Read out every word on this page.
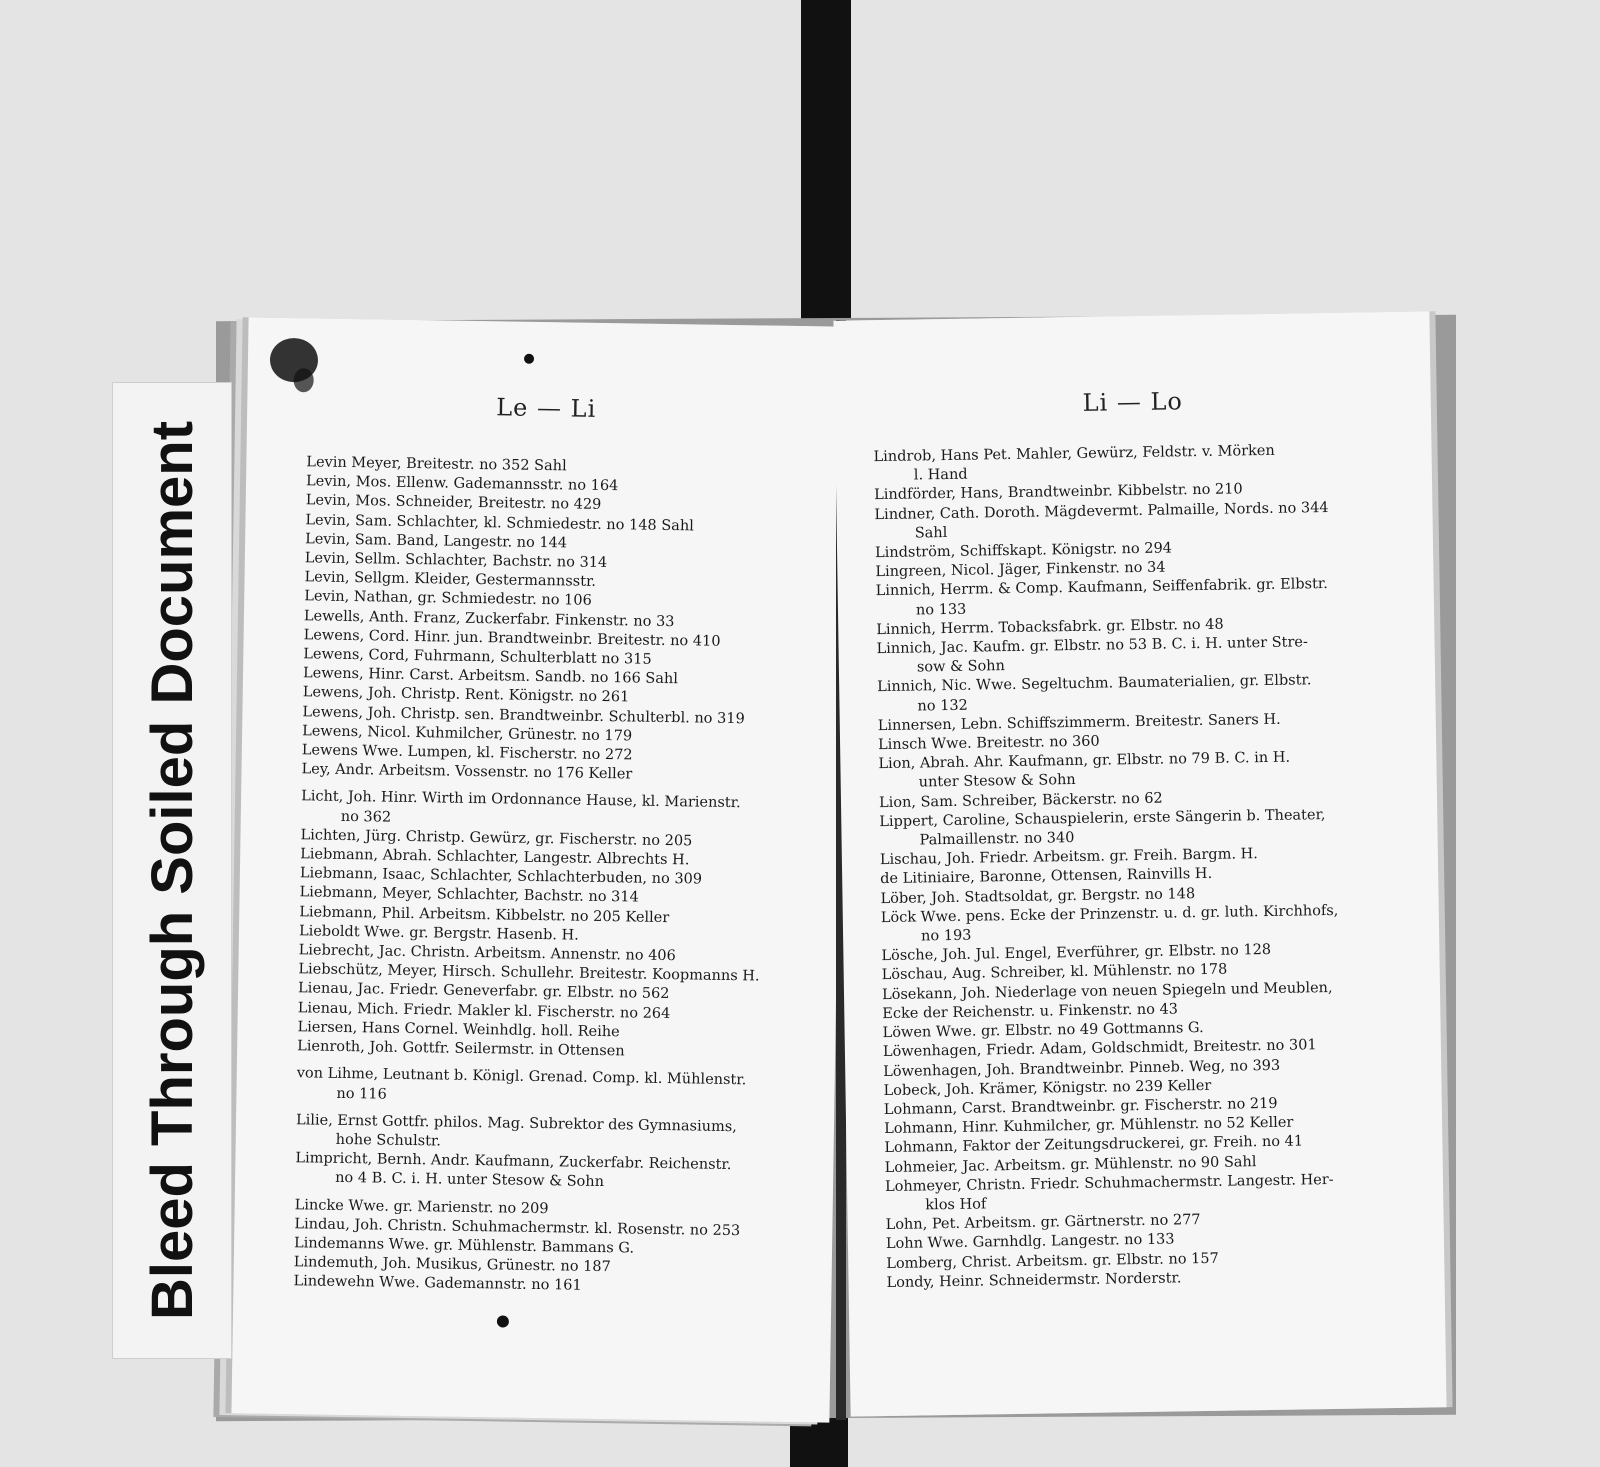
Le — Li
Levin Meyer, Breitestr. no 352 Sahl
Levin, Mos. Ellenw. Gademannsstr. no 164
Levin, Mos. Schneider, Breitestr. no 429
Levin, Sam. Schlachter, kl. Schmiedestr. no 148 Sahl
Levin, Sam. Band, Langestr. no 144
Levin, Sellm. Schlachter, Bachstr. no 314
Levin, Sellgm. Kleider, Gestermannsstr.
Levin, Nathan, gr. Schmiedestr. no 106
Lewells, Anth. Franz, Zuckerfabr. Finkenstr. no 33
Lewens, Cord. Hinr. jun. Brandtweinbr. Breitestr. no 410
Lewens, Cord, Fuhrmann, Schulterblatt no 315
Lewens, Hinr. Carst. Arbeitsm. Sandb. no 166 Sahl
Lewens, Joh. Christp. Rent. Königstr. no 261
Lewens, Joh. Christp. sen. Brandtweinbr. Schulterbl. no 319
Lewens, Nicol. Kuhmilcher, Grünestr. no 179
Lewens Wwe. Lumpen, kl. Fischerstr. no 272
Ley, Andr. Arbeitsm. Vossenstr. no 176 Keller
Licht, Joh. Hinr. Wirth im Ordonnance Hause, kl. Marienstr.
no 362
Lichten, Jürg. Christp. Gewürz, gr. Fischerstr. no 205
Liebmann, Abrah. Schlachter, Langestr. Albrechts H.
Liebmann, Isaac, Schlachter, Schlachterbuden, no 309
Liebmann, Meyer, Schlachter, Bachstr. no 314
Liebmann, Phil. Arbeitsm. Kibbelstr. no 205 Keller
Lieboldt Wwe. gr. Bergstr. Hasenb. H.
Liebrecht, Jac. Christn. Arbeitsm. Annenstr. no 406
Liebschütz, Meyer, Hirsch. Schullehr. Breitestr. Koopmanns H.
Lienau, Jac. Friedr. Geneverfabr. gr. Elbstr. no 562
Lienau, Mich. Friedr. Makler kl. Fischerstr. no 264
Liersen, Hans Cornel. Weinhdlg. holl. Reihe
Lienroth, Joh. Gottfr. Seilermstr. in Ottensen
von Lihme, Leutnant b. Königl. Grenad. Comp. kl. Mühlenstr.
no 116
Lilie, Ernst Gottfr. philos. Mag. Subrektor des Gymnasiums,
hohe Schulstr.
Limpricht, Bernh. Andr. Kaufmann, Zuckerfabr. Reichenstr.
no 4 B. C. i. H. unter Stesow & Sohn
Lincke Wwe. gr. Marienstr. no 209
Lindau, Joh. Christn. Schuhmachermstr. kl. Rosenstr. no 253
Lindemanns Wwe. gr. Mühlenstr. Bammans G.
Lindemuth, Joh. Musikus, Grünestr. no 187
Lindewehn Wwe. Gademannstr. no 161
Li — Lo
Lindrob, Hans Pet. Mahler, Gewürz, Feldstr. v. Mörken
l. Hand
Lindförder, Hans, Brandtweinbr. Kibbelstr. no 210
Lindner, Cath. Doroth. Mägdevermt. Palmaille, Nords. no 344
Sahl
Lindström, Schiffskapt. Königstr. no 294
Lingreen, Nicol. Jäger, Finkenstr. no 34
Linnich, Herrm. & Comp. Kaufmann, Seiffenfabrik. gr. Elbstr.
no 133
Linnich, Herrm. Tobacksfabrk. gr. Elbstr. no 48
Linnich, Jac. Kaufm. gr. Elbstr. no 53 B. C. i. H. unter Stre-
sow & Sohn
Linnich, Nic. Wwe. Segeltuchm. Baumaterialien, gr. Elbstr.
no 132
Linnersen, Lebn. Schiffszimmerm. Breitestr. Saners H.
Linsch Wwe. Breitestr. no 360
Lion, Abrah. Ahr. Kaufmann, gr. Elbstr. no 79 B. C. in H.
unter Stesow & Sohn
Lion, Sam. Schreiber, Bäckerstr. no 62
Lippert, Caroline, Schauspielerin, erste Sängerin b. Theater,
Palmaillenstr. no 340
Lischau, Joh. Friedr. Arbeitsm. gr. Freih. Bargm. H.
de Litiniaire, Baronne, Ottensen, Rainvills H.
Löber, Joh. Stadtsoldat, gr. Bergstr. no 148
Löck Wwe. pens. Ecke der Prinzenstr. u. d. gr. luth. Kirchhofs,
no 193
Lösche, Joh. Jul. Engel, Everführer, gr. Elbstr. no 128
Löschau, Aug. Schreiber, kl. Mühlenstr. no 178
Lösekann, Joh. Niederlage von neuen Spiegeln und Meublen,
Ecke der Reichenstr. u. Finkenstr. no 43
Löwen Wwe. gr. Elbstr. no 49 Gottmanns G.
Löwenhagen, Friedr. Adam, Goldschmidt, Breitestr. no 301
Löwenhagen, Joh. Brandtweinbr. Pinneb. Weg, no 393
Lobeck, Joh. Krämer, Königstr. no 239 Keller
Lohmann, Carst. Brandtweinbr. gr. Fischerstr. no 219
Lohmann, Hinr. Kuhmilcher, gr. Mühlenstr. no 52 Keller
Lohmann, Faktor der Zeitungsdruckerei, gr. Freih. no 41
Lohmeier, Jac. Arbeitsm. gr. Mühlenstr. no 90 Sahl
Lohmeyer, Christn. Friedr. Schuhmachermstr. Langestr. Her-
klos Hof
Lohn, Pet. Arbeitsm. gr. Gärtnerstr. no 277
Lohn Wwe. Garnhdlg. Langestr. no 133
Lomberg, Christ. Arbeitsm. gr. Elbstr. no 157
Londy, Heinr. Schneidermstr. Norderstr.
Bleed Through Soiled Document
